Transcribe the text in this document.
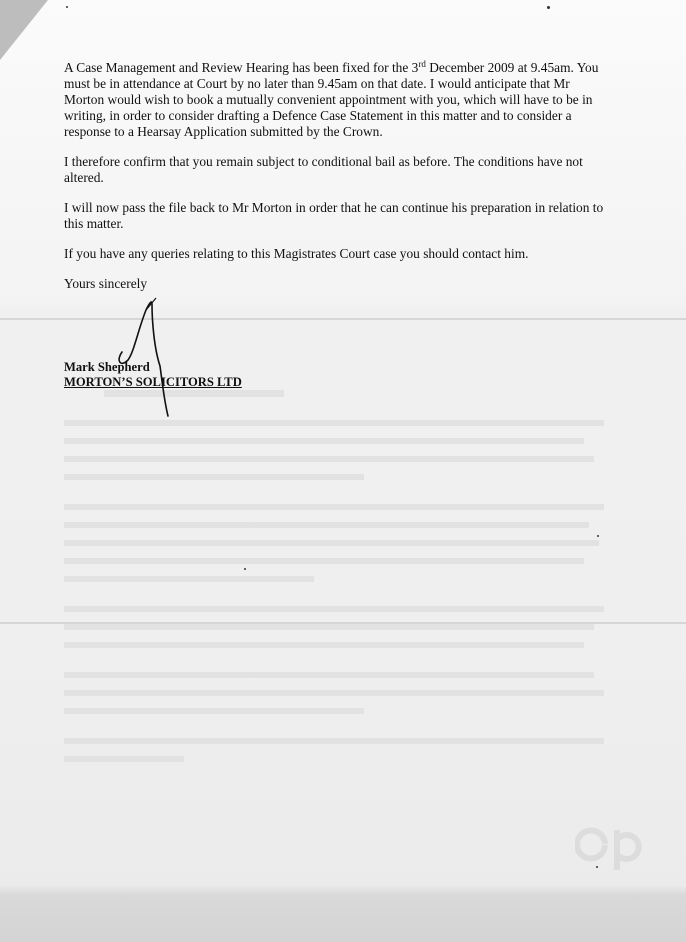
A Case Management and Review Hearing has been fixed for the 3rd December 2009 at 9.45am. You must be in attendance at Court by no later than 9.45am on that date. I would anticipate that Mr Morton would wish to book a mutually convenient appointment with you, which will have to be in writing, in order to consider drafting a Defence Case Statement in this matter and to consider a response to a Hearsay Application submitted by the Crown.

I therefore confirm that you remain subject to conditional bail as before. The conditions have not altered.

I will now pass the file back to Mr Morton in order that he can continue his preparation in relation to this matter.

If you have any queries relating to this Magistrates Court case you should contact him.

Yours sincerely

Mark Shepherd
MORTON’S SOLICITORS LTD
